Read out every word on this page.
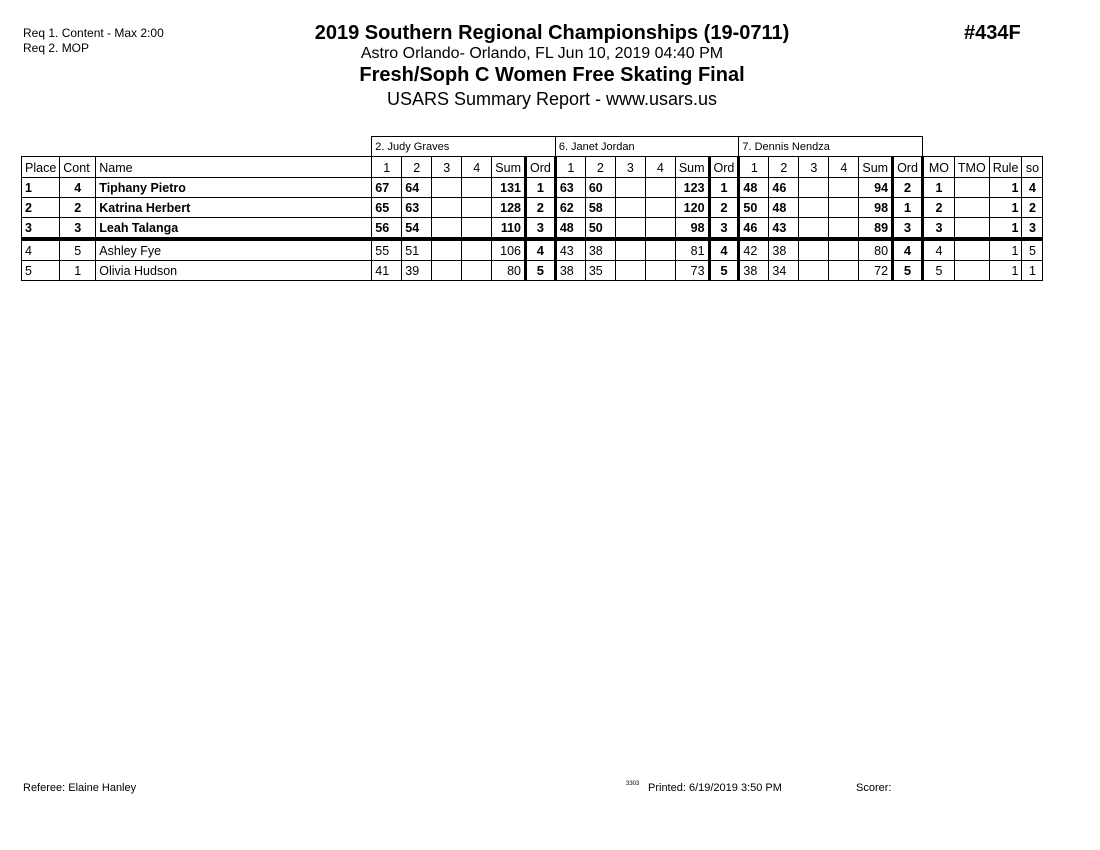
Req 1. Content - Max 2:00
Req 2. MOP
2019 Southern Regional Championships (19-0711)
Astro Orlando- Orlando, FL Jun 10, 2019 04:40 PM
Fresh/Soph C Women Free Skating Final
USARS Summary Report - www.usars.us
#434F
			2. Judy Graves						6. Janet Jordan						7. Dennis Nendza									
Place	Cont	Name	1	2	3	4	Sum	Ord	1	2	3	4	Sum	Ord	1	2	3	4	Sum	Ord	MO	TMO	Rule	so
1	4	Tiphany Pietro	67	64			131	1	63	60			123	1	48	46			94	2	1		1	4
2	2	Katrina Herbert	65	63			128	2	62	58			120	2	50	48			98	1	2		1	2
3	3	Leah Talanga	56	54			110	3	48	50			98	3	46	43			89	3	3		1	3
4	5	Ashley Fye	55	51			106	4	43	38			81	4	42	38			80	4	4		1	5
5	1	Olivia Hudson	41	39			80	5	38	35			73	5	38	34			72	5	5		1	1
Referee: Elaine Hanley	3303 Printed: 6/19/2019 3:50 PM	Scorer:
